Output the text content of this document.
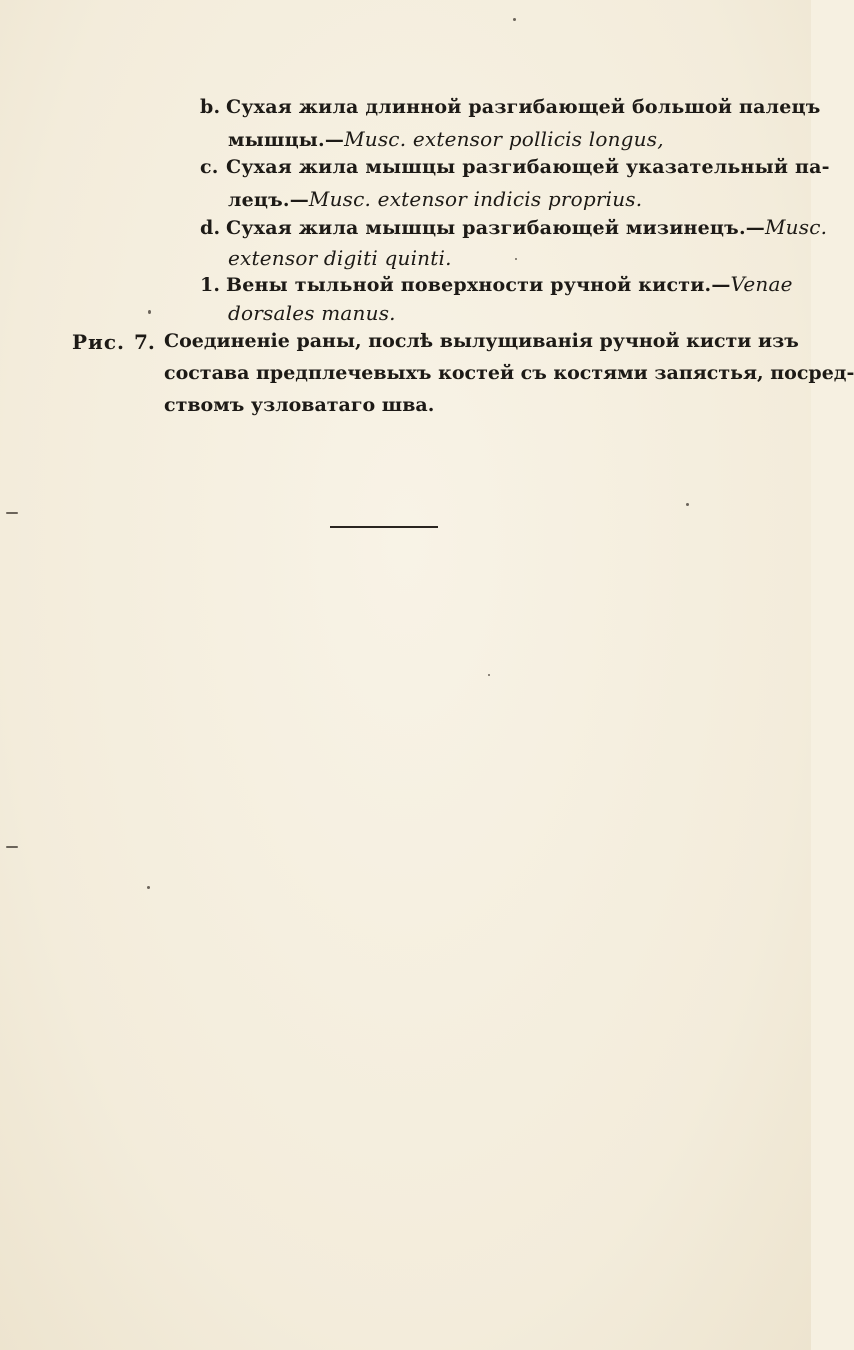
b. Сухая жила длинной разгибающей большой палецъ
мышцы.—Musc. extensor pollicis longus,
c. Сухая жила мышцы разгибающей указательный па-
лецъ.—Musc. extensor indicis proprius.
d. Сухая жила мышцы разгибающей мизинецъ.—Musc.
extensor digiti quinti.
1. Вены тыльной поверхности ручной кисти.—Venae
dorsales manus.
Рис. 7. Соединеніе раны, послѣ вылущиванія ручной кисти изъ
состава предплечевыхъ костей съ костями запястья, посред-
ствомъ узловатаго шва.
